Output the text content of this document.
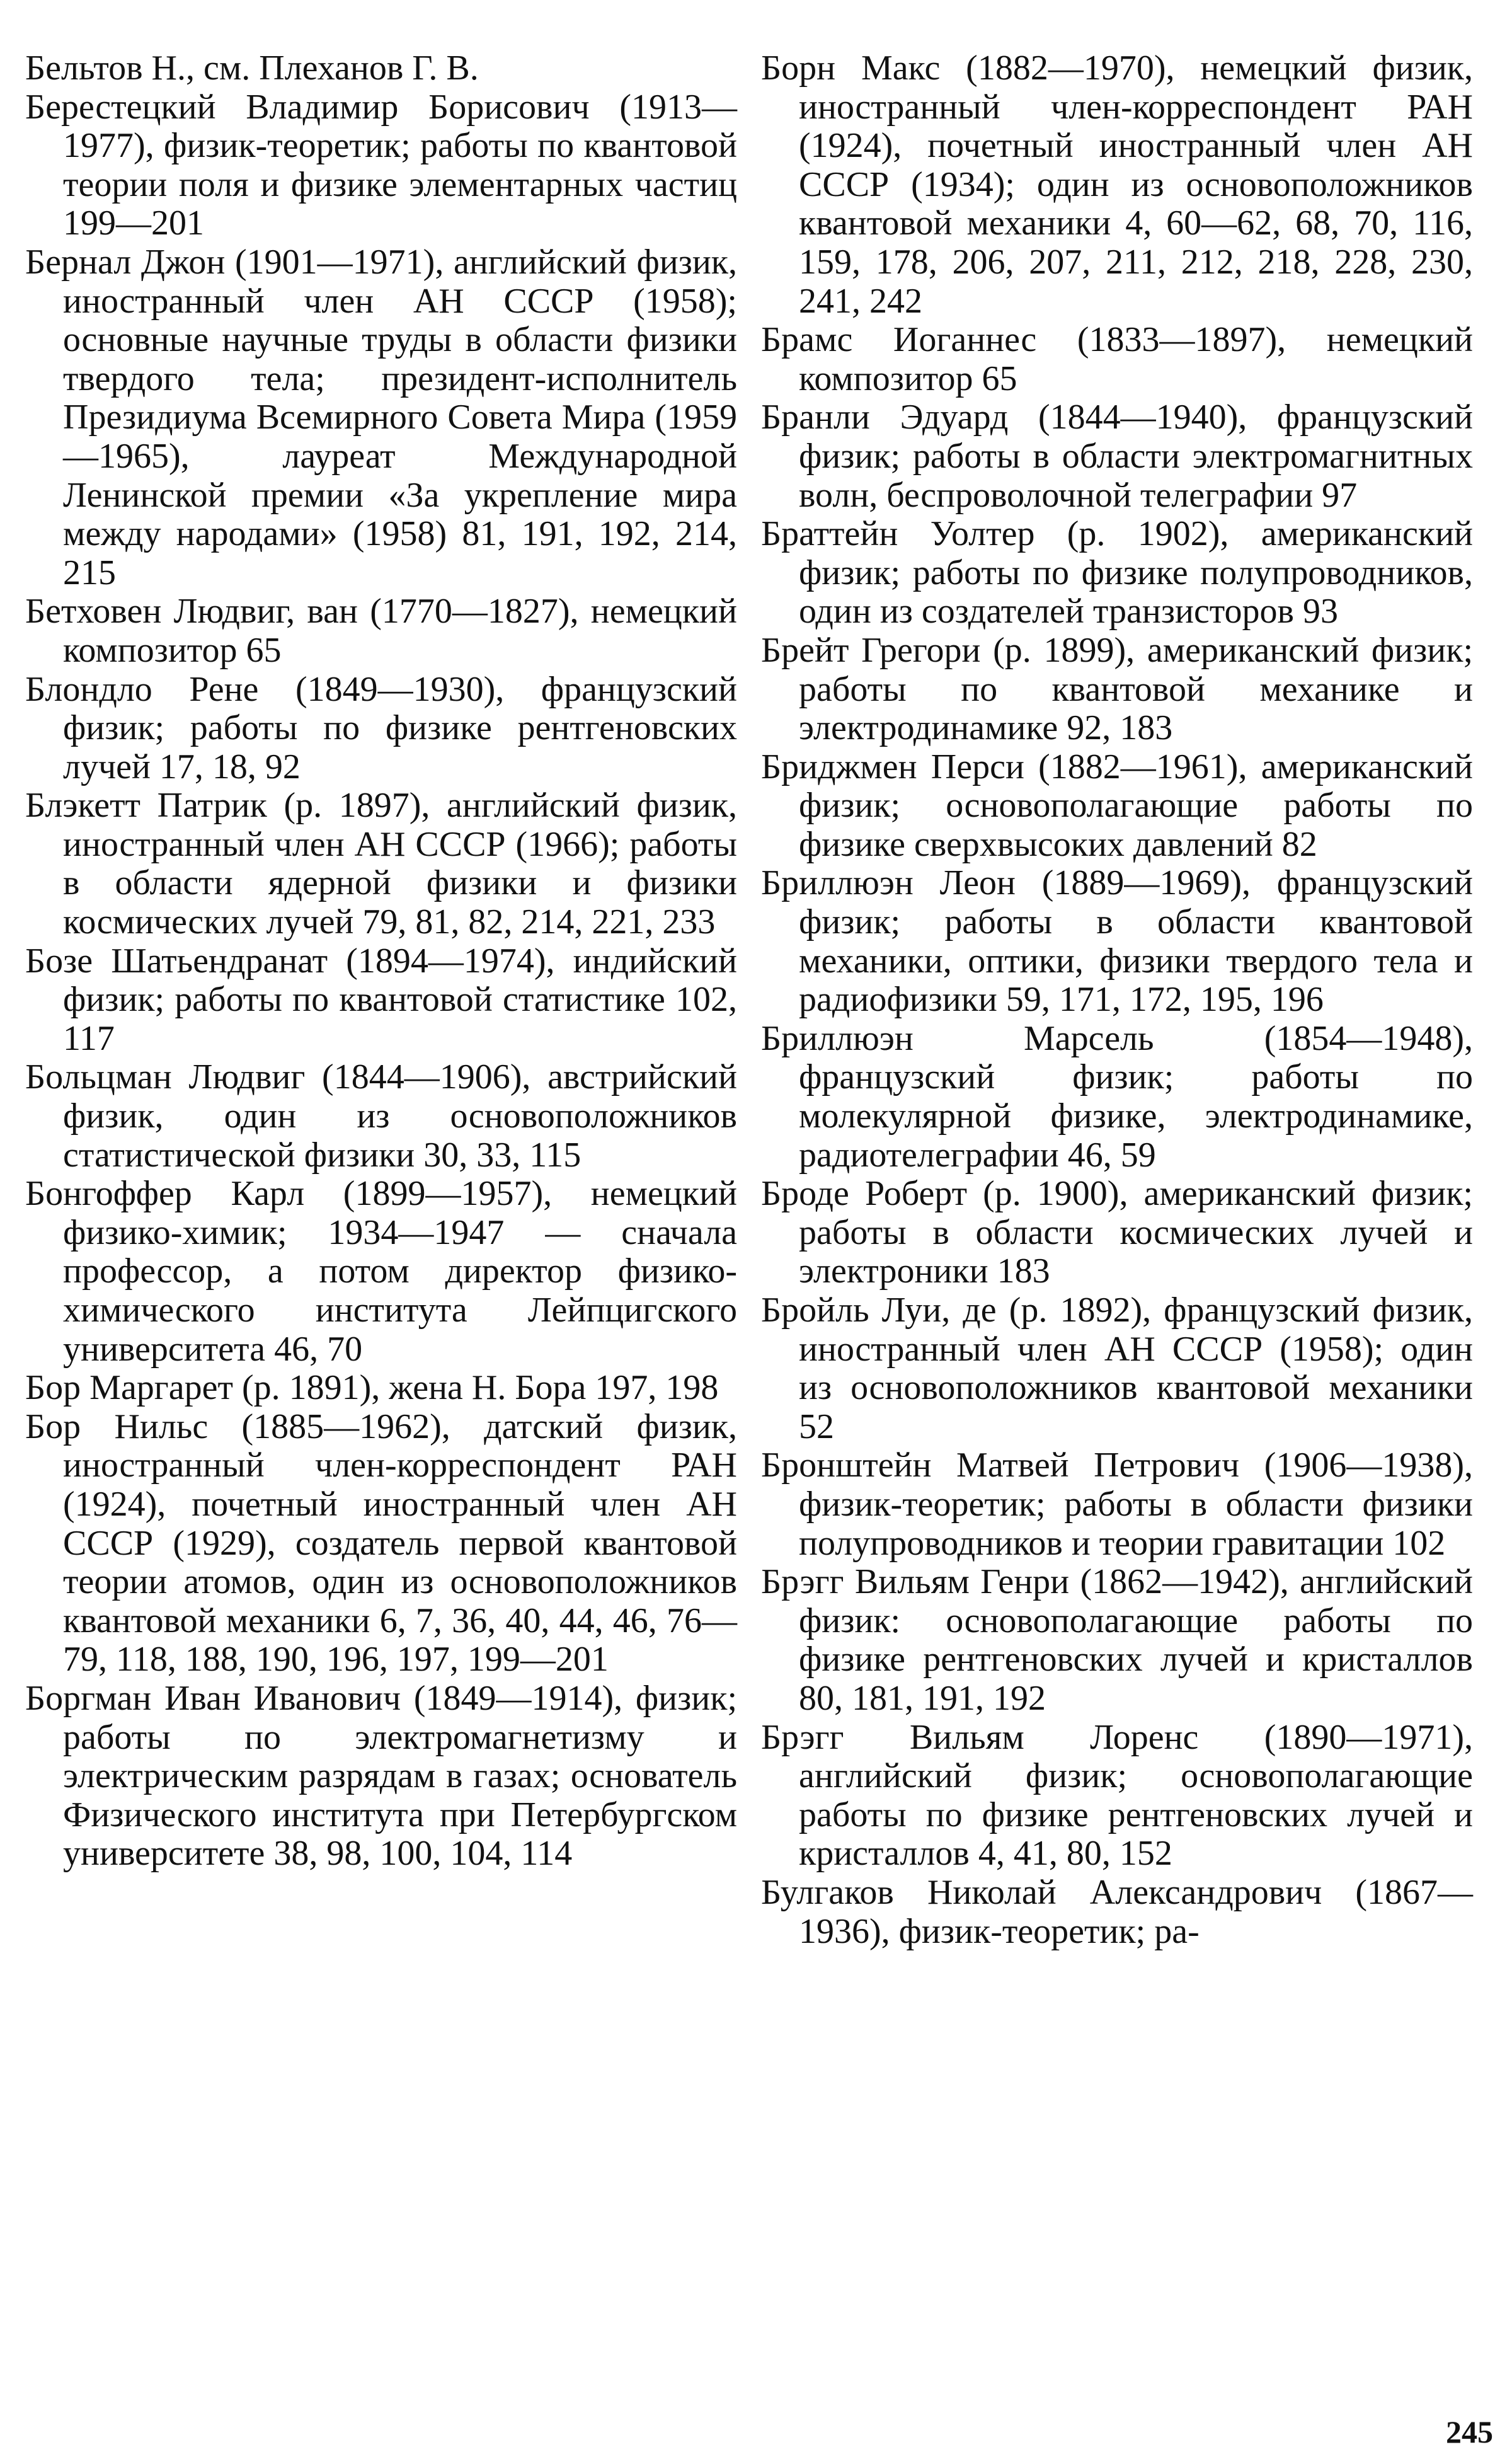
Бельтов Н., см. Плеханов Г. В.

Берестецкий Владимир Борисович (1913—1977), физик-теоретик; работы по квантовой теории поля и физике элементарных частиц 199—201

Бернал Джон (1901—1971), английский физик, иностранный член АН СССР (1958); основные научные труды в области физики твердого тела; президент-исполнитель Президиума Всемирного Совета Мира (1959—1965), лауреат Международной Ленинской премии «За укрепление мира между народами» (1958) 81, 191, 192, 214, 215

Бетховен Людвиг, ван (1770—1827), немецкий композитор 65

Блондло Рене (1849—1930), французский физик; работы по физике рентгеновских лучей 17, 18, 92

Блэкетт Патрик (р. 1897), английский физик, иностранный член АН СССР (1966); работы в области ядерной физики и физики космических лучей 79, 81, 82, 214, 221, 233

Бозе Шатьендранат (1894—1974), индийский физик; работы по квантовой статистике 102, 117

Больцман Людвиг (1844—1906), австрийский физик, один из основоположников статистической физики 30, 33, 115

Бонгоффер Карл (1899—1957), немецкий физико-химик; 1934—1947 — сначала профессор, а потом директор физико-химического института Лейпцигского университета 46, 70

Бор Маргарет (р. 1891), жена Н. Бора 197, 198

Бор Нильс (1885—1962), датский физик, иностранный член-корреспондент РАН (1924), почетный иностранный член АН СССР (1929), создатель первой квантовой теории атомов, один из основоположников квантовой механики 6, 7, 36, 40, 44, 46, 76—79, 118, 188, 190, 196, 197, 199—201

Боргман Иван Иванович (1849—1914), физик; работы по электромагнетизму и электрическим разрядам в газах; основатель Физического института при Петербургском университете 38, 98, 100, 104, 114

Борн Макс (1882—1970), немецкий физик, иностранный член-корреспондент РАН (1924), почетный иностранный член АН СССР (1934); один из основоположников квантовой механики 4, 60—62, 68, 70, 116, 159, 178, 206, 207, 211, 212, 218, 228, 230, 241, 242

Брамс Иоганнес (1833—1897), немецкий композитор 65

Бранли Эдуард (1844—1940), французский физик; работы в области электромагнитных волн, беспроволочной телеграфии 97

Браттейн Уолтер (р. 1902), американский физик; работы по физике полупроводников, один из создателей транзисторов 93

Брейт Грегори (р. 1899), американский физик; работы по квантовой механике и электродинамике 92, 183

Бриджмен Перси (1882—1961), американский физик; основополагающие работы по физике сверхвысоких давлений 82

Бриллюэн Леон (1889—1969), французский физик; работы в области квантовой механики, оптики, физики твердого тела и радиофизики 59, 171, 172, 195, 196

Бриллюэн Марсель (1854—1948), французский физик; работы по молекулярной физике, электродинамике, радиотелеграфии 46, 59

Броде Роберт (р. 1900), американский физик; работы в области космических лучей и электроники 183

Бройль Луи, де (р. 1892), французский физик, иностранный член АН СССР (1958); один из основоположников квантовой механики 52

Бронштейн Матвей Петрович (1906—1938), физик-теоретик; работы в области физики полупроводников и теории гравитации 102

Брэгг Вильям Генри (1862—1942), английский физик: основополагающие работы по физике рентгеновских лучей и кристаллов 80, 181, 191, 192

Брэгг Вильям Лоренс (1890—1971), английский физик; основополагающие работы по физике рентгеновских лучей и кристаллов 4, 41, 80, 152

Булгаков Николай Александрович (1867—1936), физик-теоретик; ра-

245
